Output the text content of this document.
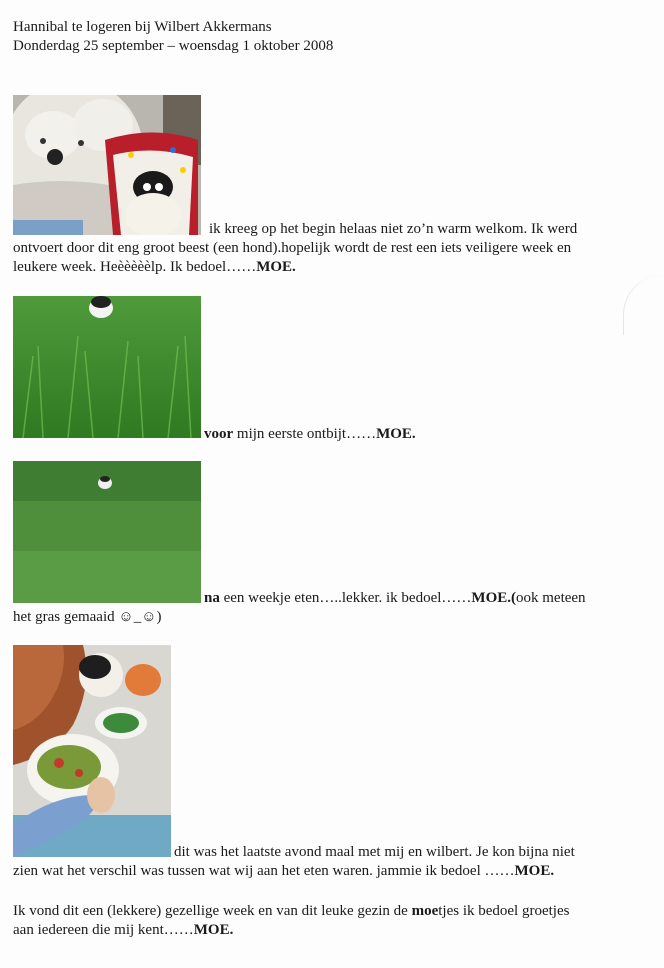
Hannibal te logeren bij Wilbert Akkermans
Donderdag 25 september – woensdag 1 oktober 2008
ik kreeg op het begin helaas niet zo’n warm welkom. Ik werd
ontvoert door dit eng groot beest (een hond).hopelijk wordt de rest een iets veiligere week en
leukere week. Heèèèèèlp. Ik bedoel……MOE.
voor mijn eerste ontbijt……MOE.
na een weekje eten…..lekker. ik bedoel……MOE.(ook meteen
het gras gemaaid ☺_☺)
dit was het laatste avond maal met mij en wilbert. Je kon bijna niet
zien wat het verschil was tussen wat wij aan het eten waren. jammie ik bedoel ……MOE.
Ik vond dit een (lekkere) gezellige week en van dit leuke gezin de moetjes ik bedoel groetjes
aan iedereen die mij kent……MOE.
